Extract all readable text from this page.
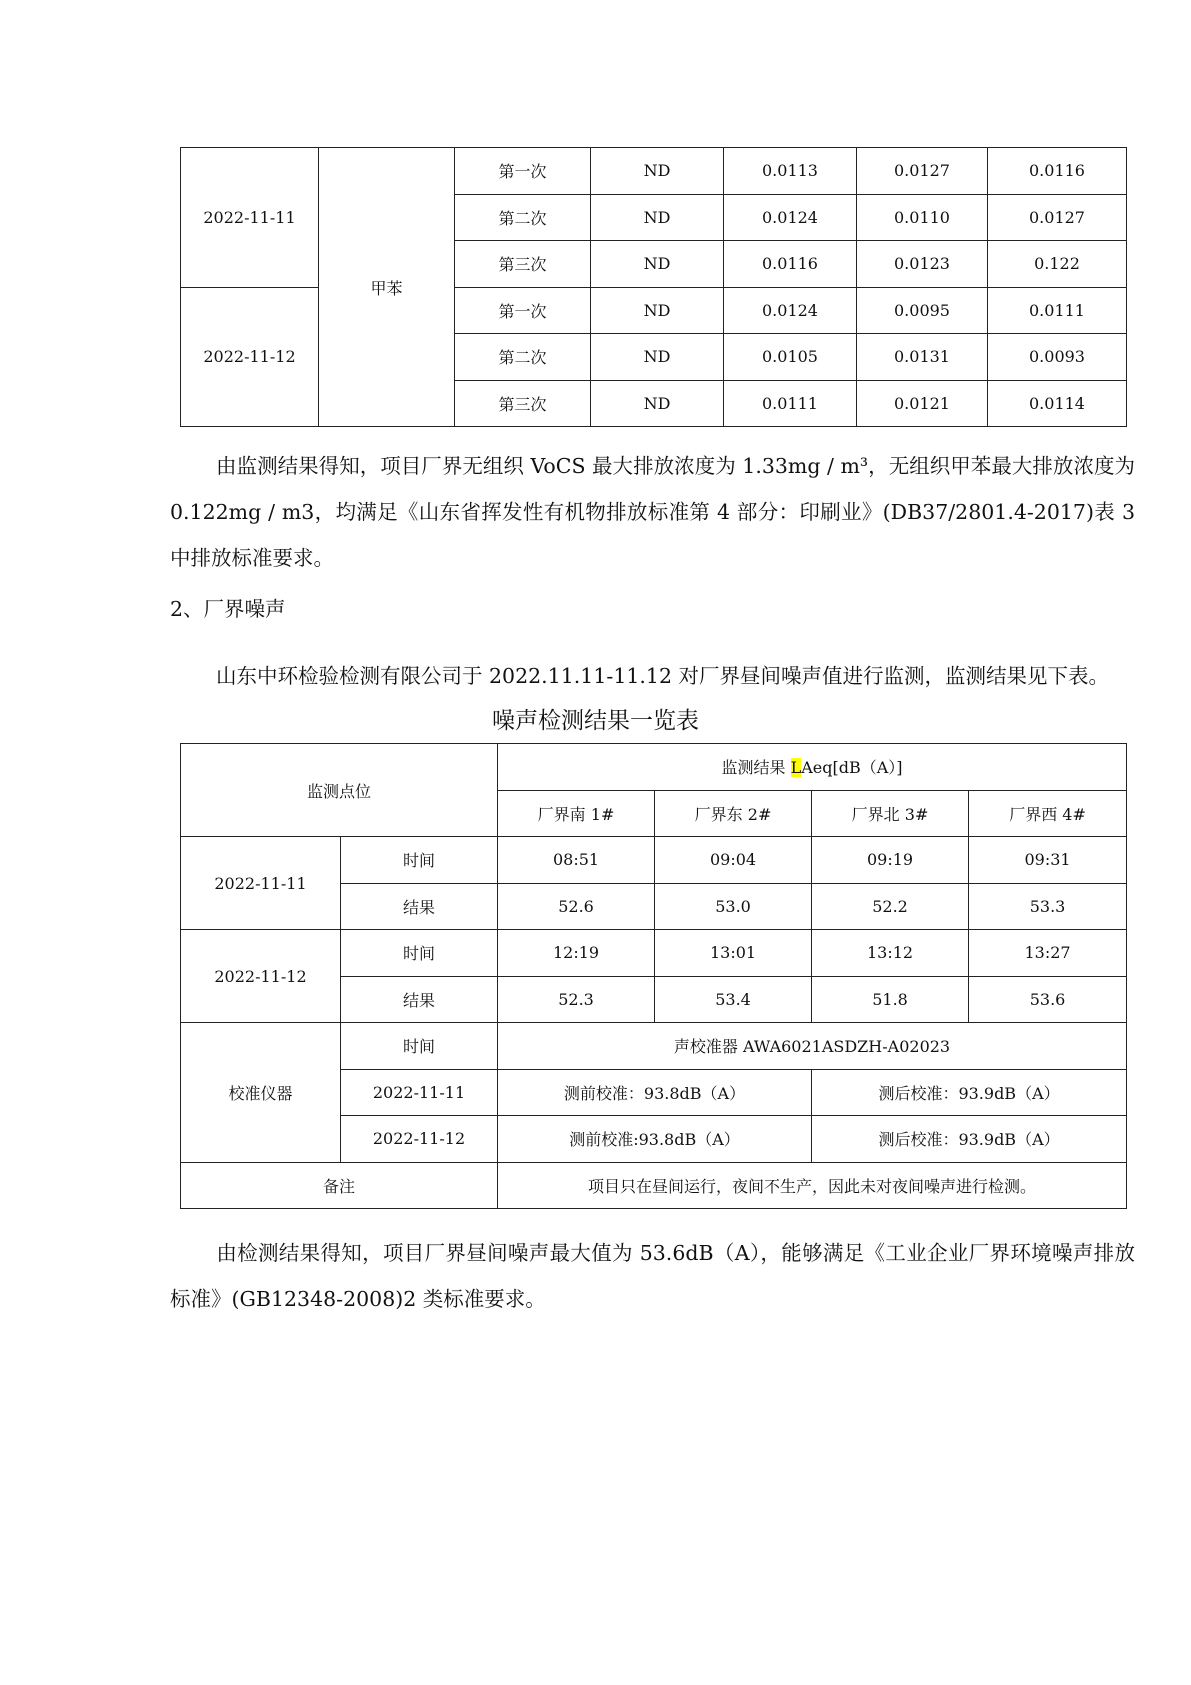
2022-11-11	甲苯	第一次	ND	0.0113	0.0127	0.0116
		第二次	ND	0.0124	0.0110	0.0127
		第三次	ND	0.0116	0.0123	0.122
2022-11-12		第一次	ND	0.0124	0.0095	0.0111
		第二次	ND	0.0105	0.0131	0.0093
		第三次	ND	0.0111	0.0121	0.0114
由监测结果得知，项目厂界无组织 VoCS 最大排放浓度为 1.33mg / m³，无组织甲苯最大排放浓度为 0.122mg / m3，均满足《山东省挥发性有机物排放标准第 4 部分：印刷业》(DB37/2801.4-2017)表 3 中排放标准要求。
2、厂界噪声
山东中环检验检测有限公司于 2022.11.11-11.12 对厂界昼间噪声值进行监测，监测结果见下表。
噪声检测结果一览表
监测点位		监测结果 LAeq[dB（A）]			
		厂界南 1#	厂界东 2#	厂界北 3#	厂界西 4#
2022-11-11	时间	08:51	09:04	09:19	09:31
	结果	52.6	53.0	52.2	53.3
2022-11-12	时间	12:19	13:01	13:12	13:27
	结果	52.3	53.4	51.8	53.6
校准仪器	时间	声校准器 AWA6021ASDZH-A02023			
	2022-11-11	测前校准：93.8dB（A）		测后校准：93.9dB（A）	
	2022-11-12	测前校准:93.8dB（A）		测后校准：93.9dB（A）	
备注		项目只在昼间运行，夜间不生产，因此未对夜间噪声进行检测。			
由检测结果得知，项目厂界昼间噪声最大值为 53.6dB（A），能够满足《工业企业厂界环境噪声排放标准》(GB12348-2008)2 类标准要求。
